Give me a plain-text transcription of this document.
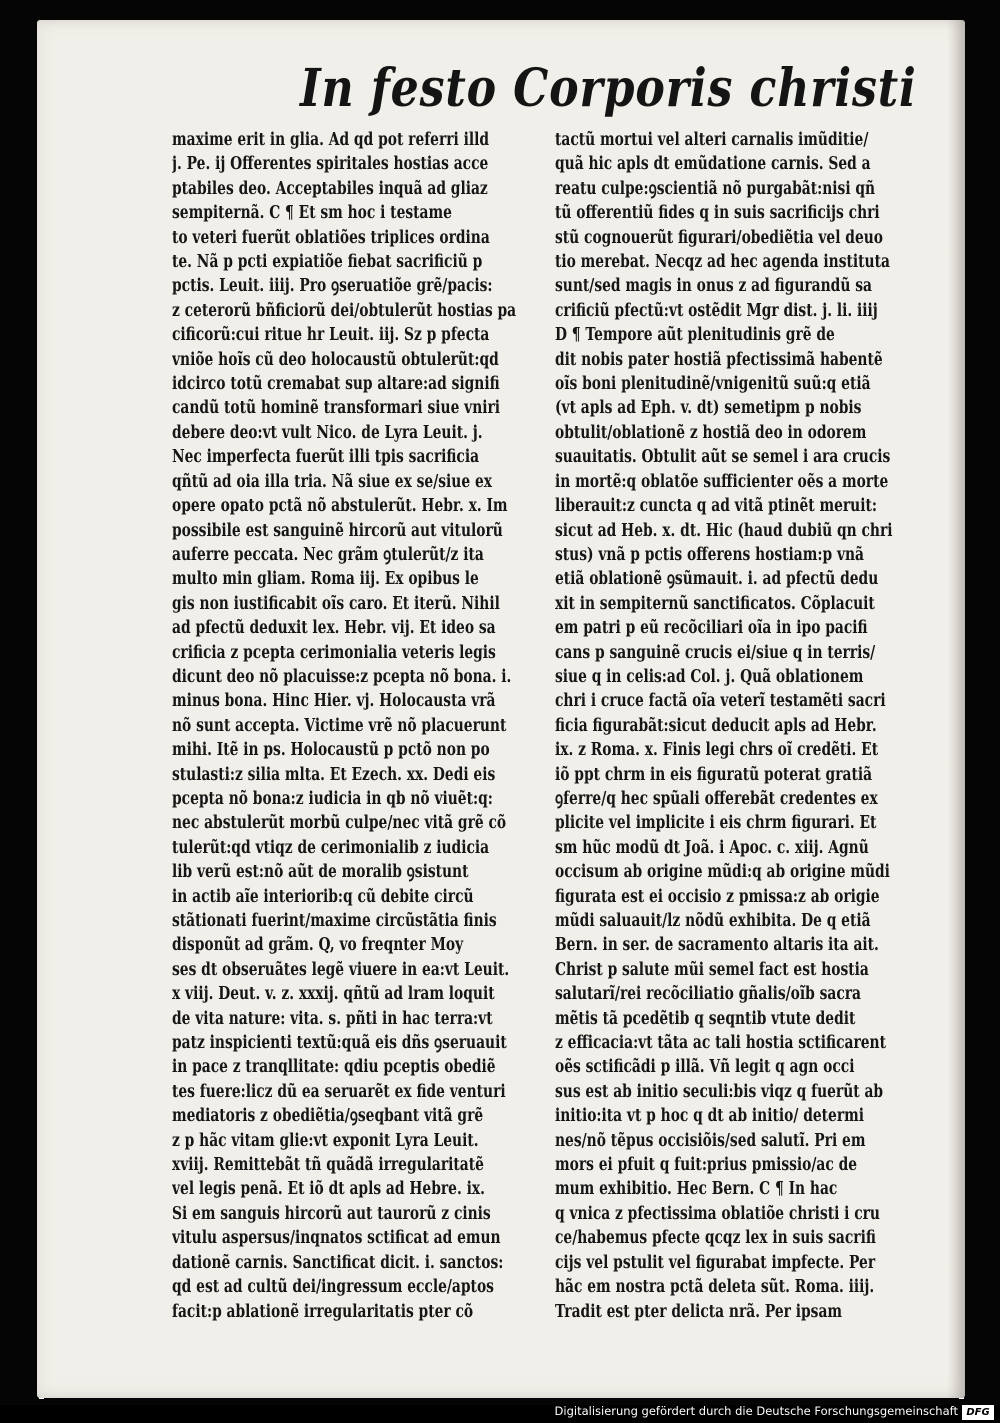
In festo Corporis christi
maxime erit in glia. Ad qd pot referri illd
j. Pe. ij Offerentes spiritales hostias acce
ptabiles deo. Acceptabiles inquã ad gliaz
sempiternã. C ¶ Et sm hoc i testame
to veteri fuerũt oblatiões triplices ordina
te. Nã p pcti expiatiõe fiebat sacrificiũ p
pctis. Leuit. iiij. Pro ꝯseruatiõe grẽ/pacis:
z ceterorũ bñficiorũ dei/obtulerũt hostias pa
cificorũ:cui ritue hr Leuit. iij. Sz p pfecta
vniõe hoĩs cũ deo holocaustũ obtulerũt:qd
idcirco totũ cremabat sup altare:ad signifi
candũ totũ hominẽ transformari siue vniri
debere deo:vt vult Nico. de Lyra Leuit. j.
Nec imperfecta fuerũt illi tpis sacrificia
qñtũ ad oia illa tria. Nã siue ex se/siue ex
opere opato pctã nõ abstulerũt. Hebr. x. Im
possibile est sanguinẽ hircorũ aut vitulorũ
auferre peccata. Nec grãm ꝯtulerũt/z ita
multo min gliam. Roma iij. Ex opibus le
gis non iustificabit oĩs caro. Et iterũ. Nihil
ad pfectũ deduxit lex. Hebr. vij. Et ideo sa
crificia z pcepta cerimonialia veteris legis
dicunt deo nõ placuisse:z pcepta nõ bona. i.
minus bona. Hinc Hier. vj. Holocausta vrã
nõ sunt accepta. Victime vrẽ nõ placuerunt
mihi. Itẽ in ps. Holocaustũ p pctõ non po
stulasti:z silia mlta. Et Ezech. xx. Dedi eis
pcepta nõ bona:z iudicia in qb nõ viuẽt:q:
nec abstulerũt morbũ culpe/nec vitã grẽ cõ
tulerũt:qd vtiqz de cerimonialib z iudicia
lib verũ est:nõ aũt de moralib ꝯsistunt
in actib aĩe interiorib:q cũ debite circũ
stãtionati fuerint/maxime circũstãtia finis
disponũt ad grãm. Q, vo freqnter Moy
ses dt obseruãtes legẽ viuere in ea:vt Leuit.
x viij. Deut. v. z. xxxij. qñtũ ad lram loquit
de vita nature: vita. s. pñti in hac terra:vt
patz inspicienti textũ:quã eis dñs ꝯseruauit
in pace z tranqllitate: qdiu pceptis obediẽ
tes fuere:licz dũ ea seruarẽt ex fide venturi
mediatoris z obediẽtia/ꝯseqbant vitã grẽ
z p hãc vitam glie:vt exponit Lyra Leuit.
xviij. Remittebãt tñ quãdã irregularitatẽ
vel legis penã. Et iõ dt apls ad Hebre. ix.
Si em sanguis hircorũ aut taurorũ z cinis
vitulu aspersus/inqnatos sctificat ad emun
dationẽ carnis. Sanctificat dicit. i. sanctos:
qd est ad cultũ dei/ingressum eccle/aptos
facit:p ablationẽ irregularitatis pter cõ
tactũ mortui vel alteri carnalis imũditie/
quã hic apls dt emũdatione carnis. Sed a
reatu culpe:ꝯscientiã nõ purgabãt:nisi qñ
tũ offerentiũ fides q in suis sacrificijs chri
stũ cognouerũt figurari/obediẽtia vel deuo
tio merebat. Necqz ad hec agenda instituta
sunt/sed magis in onus z ad figurandũ sa
crificiũ pfectũ:vt ostẽdit Mgr dist. j. li. iiij
D ¶ Tempore aũt plenitudinis grẽ de
dit nobis pater hostiã pfectissimã habentẽ
oĩs boni plenitudinẽ/vnigenitũ suũ:q etiã
(vt apls ad Eph. v. dt) semetipm p nobis
obtulit/oblationẽ z hostiã deo in odorem
suauitatis. Obtulit aũt se semel i ara crucis
in mortẽ:q oblatõe sufficienter oẽs a morte
liberauit:z cuncta q ad vitã ptinẽt meruit:
sicut ad Heb. x. dt. Hic (haud dubiũ qn chri
stus) vnã p pctis offerens hostiam:p vnã
etiã oblationẽ ꝯsũmauit. i. ad pfectũ dedu
xit in sempiternũ sanctificatos. Cõplacuit
em patri p eũ recõciliari oĩa in ipo pacifi
cans p sanguinẽ crucis ei/siue q in terris/
siue q in celis:ad Col. j. Quã oblationem
chri i cruce factã oĩa veterĩ testamẽti sacri
ficia figurabãt:sicut deducit apls ad Hebr.
ix. z Roma. x. Finis legi chrs oĩ credẽti. Et
iõ ppt chrm in eis figuratũ poterat gratiã
ꝯferre/q hec spũali offerebãt credentes ex
plicite vel implicite i eis chrm figurari. Et
sm hũc modũ dt Joã. i Apoc. c. xiij. Agnũ
occisum ab origine mũdi:q ab origine mũdi
figurata est ei occisio z pmissa:z ab origie
mũdi saluauit/lz nõdũ exhibita. De q etiã
Bern. in ser. de sacramento altaris ita ait.
Christ p salute mũi semel fact est hostia
salutarĩ/rei recõciliatio gñalis/oĩb sacra
mẽtis tã pcedẽtib q seqntib vtute dedit
z efficacia:vt tãta ac tali hostia sctificarent
oẽs sctificãdi p illã. Vñ legit q agn occi
sus est ab initio seculi:bis viqz q fuerũt ab
initio:ita vt p hoc q dt ab initio/ determi
nes/nõ tẽpus occisiõis/sed salutĩ. Pri em
mors ei pfuit q fuit:prius pmissio/ac de
mum exhibitio. Hec Bern. C ¶ In hac
q vnica z pfectissima oblatiõe christi i cru
ce/habemus pfecte qcqz lex in suis sacrifi
cijs vel pstulit vel figurabat impfecte. Per
hãc em nostra pctã deleta sũt. Roma. iiij.
Tradit est pter delicta nrã. Per ipsam
Digitalisierung gefördert durch die Deutsche Forschungsgemeinschaft DFG
